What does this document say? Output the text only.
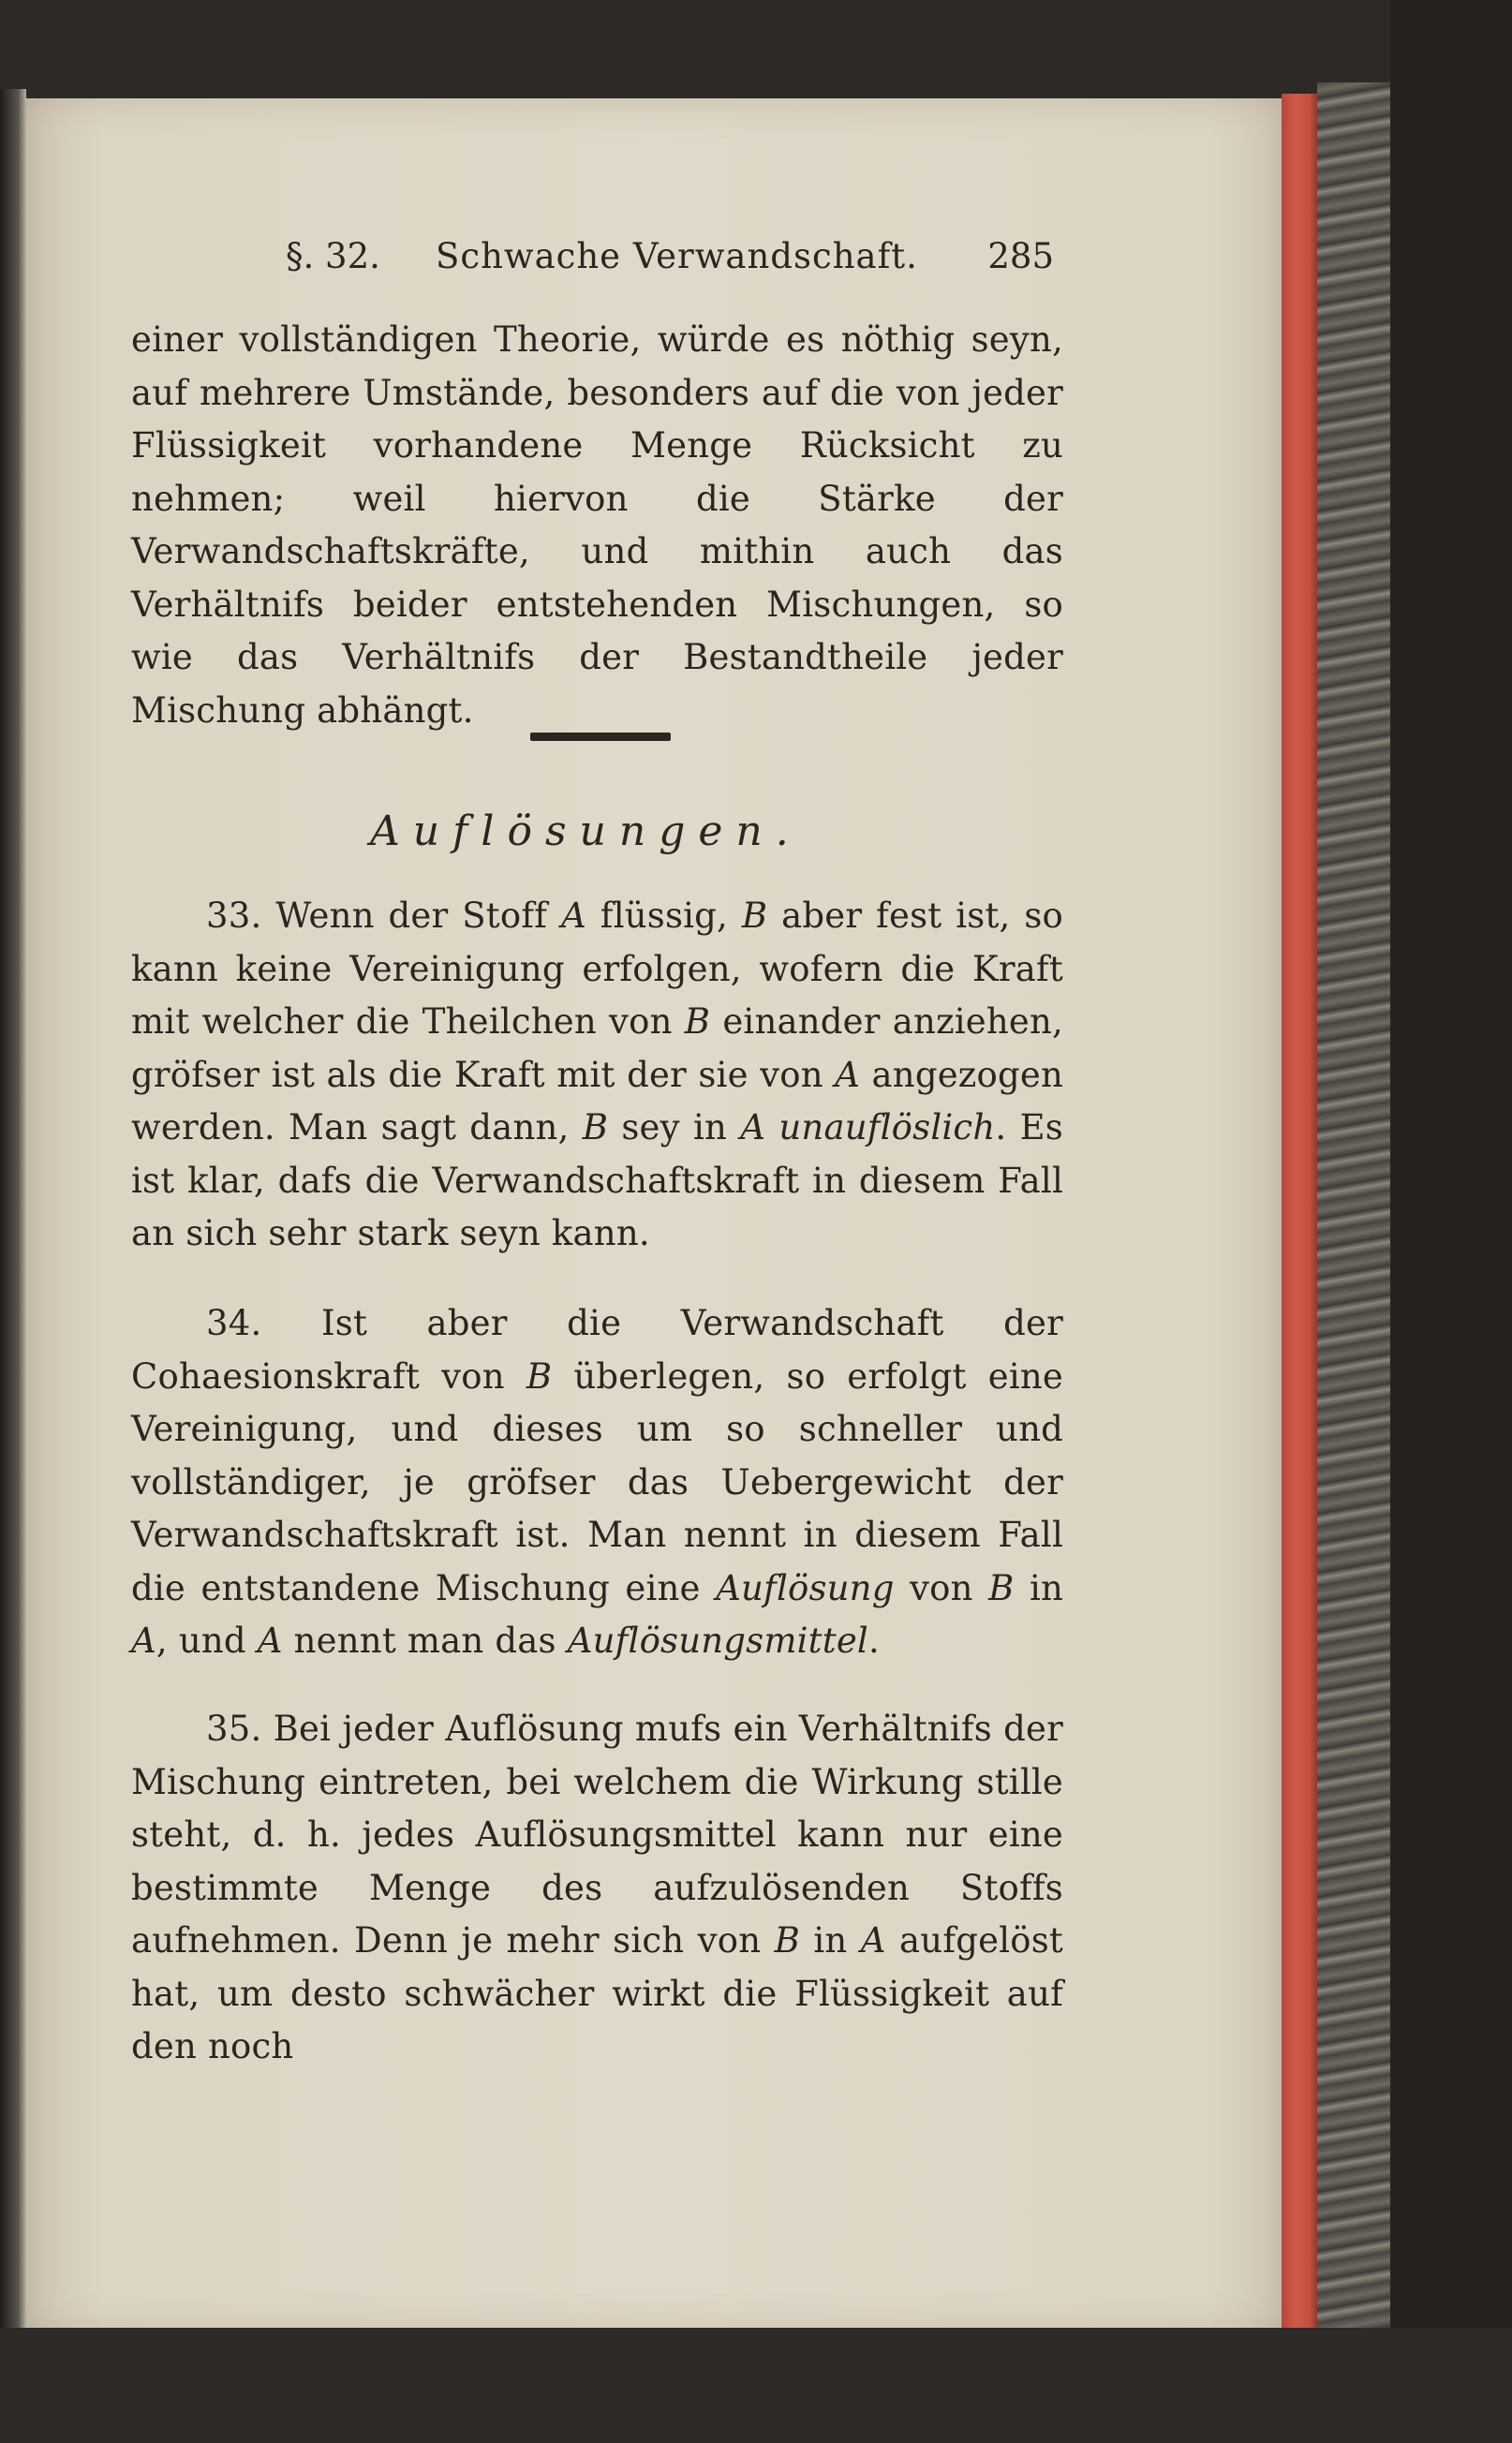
§. 32. Schwache Verwandschaft. 285

einer vollständigen Theorie, würde es nöthig seyn, auf mehrere Umstände, besonders auf die von jeder Flüssigkeit vorhandene Menge Rücksicht zu nehmen; weil hiervon die Stärke der Verwandschaftskräfte, und mithin auch das Verhältnifs beider entstehenden Mischungen, so wie das Verhältnifs der Bestandtheile jeder Mischung abhängt.

Auflösungen.

33. Wenn der Stoff A flüssig, B aber fest ist, so kann keine Vereinigung erfolgen, wofern die Kraft mit welcher die Theilchen von B einander anziehen, gröfser ist als die Kraft mit der sie von A angezogen werden. Man sagt dann, B sey in A unauflöslich. Es ist klar, dafs die Verwandschaftskraft in diesem Fall an sich sehr stark seyn kann.

34. Ist aber die Verwandschaft der Cohaesionskraft von B überlegen, so erfolgt eine Vereinigung, und dieses um so schneller und vollständiger, je gröfser das Uebergewicht der Verwandschaftskraft ist. Man nennt in diesem Fall die entstandene Mischung eine Auflösung von B in A, und A nennt man das Auflösungsmittel.

35. Bei jeder Auflösung mufs ein Verhältnifs der Mischung eintreten, bei welchem die Wirkung stille steht, d. h. jedes Auflösungsmittel kann nur eine bestimmte Menge des aufzulösenden Stoffs aufnehmen. Denn je mehr sich von B in A aufgelöst hat, um desto schwächer wirkt die Flüssigkeit auf den noch
